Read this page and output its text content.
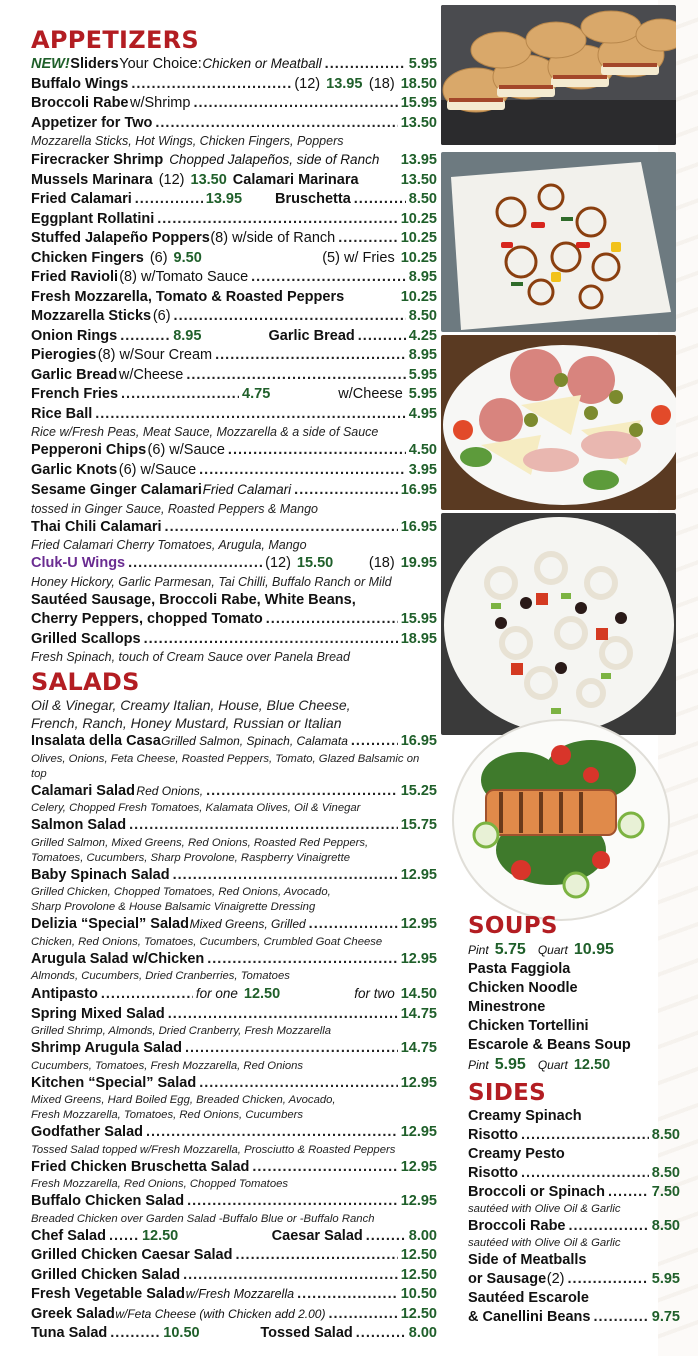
APPETIZERS
NEW! Sliders Your Choice: Chicken or Meatball .....	5.95
Buffalo Wings .....	(12) 13.95 (18) 18.50
Broccoli Rabe w/Shrimp .....	15.95
Appetizer for Two .....	13.50
Mozzarella Sticks, Hot Wings, Chicken Fingers, Poppers
Firecracker Shrimp Chopped Jalapeños, side of Ranch 13.95
Mussels Marinara (12) 13.50 Calamari Marinara	13.50
Fried Calamari .....	13.95 Bruschetta .....	8.50
Eggplant Rollatini .....	10.25
Stuffed Jalapeño Poppers (8) w/side of Ranch .....	10.25
Chicken Fingers (6) 9.50	(5) w/ Fries 10.25
Fried Ravioli (8) w/Tomato Sauce .....	8.95
Fresh Mozzarella, Tomato & Roasted Peppers	10.25
Mozzarella Sticks (6) .....	8.50
Onion Rings .....	8.95	Garlic Bread .....	4.25
Pierogies (8) w/Sour Cream .....	8.95
Garlic Bread w/Cheese .....	5.95
French Fries .....	4.75	w/Cheese 5.95
Rice Ball .....	4.95
Rice w/Fresh Peas, Meat Sauce, Mozzarella & a side of Sauce
Pepperoni Chips (6) w/Sauce .....	4.50
Garlic Knots (6) w/Sauce .....	3.95
Sesame Ginger Calamari Fried Calamari .....	16.95
tossed in Ginger Sauce, Roasted Peppers & Mango
Thai Chili Calamari .....	16.95
Fried Calamari Cherry Tomatoes, Arugula, Mango
Cluk-U Wings .....	(12) 15.50 (18) 19.95
Honey Hickory, Garlic Parmesan, Tai Chilli, Buffalo Ranch or Mild
Sautéed Sausage, Broccoli Rabe, White Beans,
Cherry Peppers, chopped Tomato .....	15.95
Grilled Scallops .....	18.95
Fresh Spinach, touch of Cream Sauce over Panela Bread
SALADS
Oil & Vinegar, Creamy Italian, House, Blue Cheese,
French, Ranch, Honey Mustard, Russian or Italian
Insalata della Casa Grilled Salmon, Spinach, Calamata .....	16.95
Olives, Onions, Feta Cheese, Roasted Peppers, Tomato, Glazed Balsamic on top
Calamari Salad Red Onions, .....	15.25
Celery, Chopped Fresh Tomatoes, Kalamata Olives, Oil & Vinegar
Salmon Salad .....	15.75
Grilled Salmon, Mixed Greens, Red Onions, Roasted Red Peppers,
Tomatoes, Cucumbers, Sharp Provolone, Raspberry Vinaigrette
Baby Spinach Salad .....	12.95
Grilled Chicken, Chopped Tomatoes, Red Onions, Avocado,
Sharp Provolone & House Balsamic Vinaigrette Dressing
Delizia “Special” Salad Mixed Greens, Grilled .....	12.95
Chicken, Red Onions, Tomatoes, Cucumbers, Crumbled Goat Cheese
Arugula Salad w/Chicken .....	12.95
Almonds, Cucumbers, Dried Cranberries, Tomatoes
Antipasto .....	for one 12.50	for two 14.50
Spring Mixed Salad .....	14.75
Grilled Shrimp, Almonds, Dried Cranberry, Fresh Mozzarella
Shrimp Arugula Salad .....	14.75
Cucumbers, Tomatoes, Fresh Mozzarella, Red Onions
Kitchen “Special” Salad .....	12.95
Mixed Greens, Hard Boiled Egg, Breaded Chicken, Avocado,
Fresh Mozzarella, Tomatoes, Red Onions, Cucumbers
Godfather Salad .....	12.95
Tossed Salad topped w/Fresh Mozzarella, Prosciutto & Roasted Peppers
Fried Chicken Bruschetta Salad .....	12.95
Fresh Mozzarella, Red Onions, Chopped Tomatoes
Buffalo Chicken Salad .....	12.95
Breaded Chicken over Garden Salad -Buffalo Blue or -Buffalo Ranch
Chef Salad ..... 12.50	Caesar Salad .....	8.00
Grilled Chicken Caesar Salad .....	12.50
Grilled Chicken Salad .....	12.50
Fresh Vegetable Salad w/Fresh Mozzarella .....	10.50
Greek Salad w/Feta Cheese (with Chicken add 2.00) .....	12.50
Tuna Salad .....	10.50	Tossed Salad .....	8.00
SOUPS
Pint 5.75 Quart 10.95
Pasta Faggiola
Chicken Noodle
Minestrone
Chicken Tortellini
Escarole & Beans Soup
Pint 5.95 Quart 12.50
SIDES
Creamy Spinach
Risotto .....	8.50
Creamy Pesto
Risotto .....	8.50
Broccoli or Spinach .....	7.50
sautéed with Olive Oil & Garlic
Broccoli Rabe .....	8.50
sautéed with Olive Oil & Garlic
Side of Meatballs
or Sausage (2) .....	5.95
Sautéed Escarole
& Canellini Beans .....	9.75
